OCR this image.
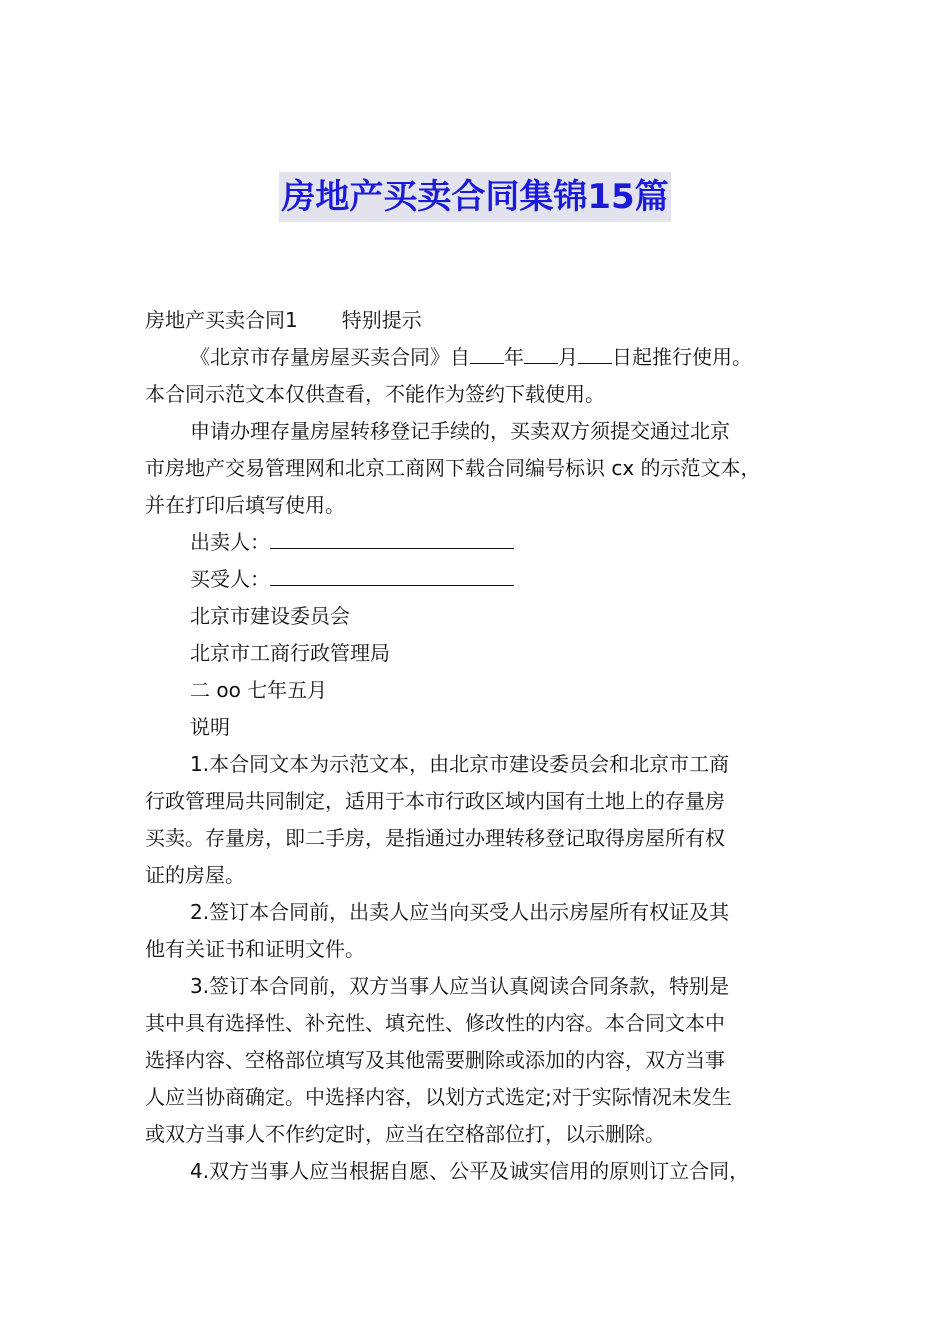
房地产买卖合同集锦15篇
房地产买卖合同1 特别提示
《北京市存量房屋买卖合同》自 年 月 日起推行使用。
本合同示范文本仅供查看，不能作为签约下载使用。
申请办理存量房屋转移登记手续的，买卖双方须提交通过北京
市房地产交易管理网和北京工商网下载合同编号标识 cx 的示范文本，
并在打印后填写使用。
出卖人：
买受人：
北京市建设委员会
北京市工商行政管理局
二 oo 七年五月
说明
1.本合同文本为示范文本，由北京市建设委员会和北京市工商
行政管理局共同制定，适用于本市行政区域内国有土地上的存量房
买卖。存量房，即二手房，是指通过办理转移登记取得房屋所有权
证的房屋。
2.签订本合同前，出卖人应当向买受人出示房屋所有权证及其
他有关证书和证明文件。
3.签订本合同前，双方当事人应当认真阅读合同条款，特别是
其中具有选择性、补充性、填充性、修改性的内容。本合同文本中
选择内容、空格部位填写及其他需要删除或添加的内容，双方当事
人应当协商确定。中选择内容，以划方式选定;对于实际情况未发生
或双方当事人不作约定时，应当在空格部位打，以示删除。
4.双方当事人应当根据自愿、公平及诚实信用的原则订立合同，
